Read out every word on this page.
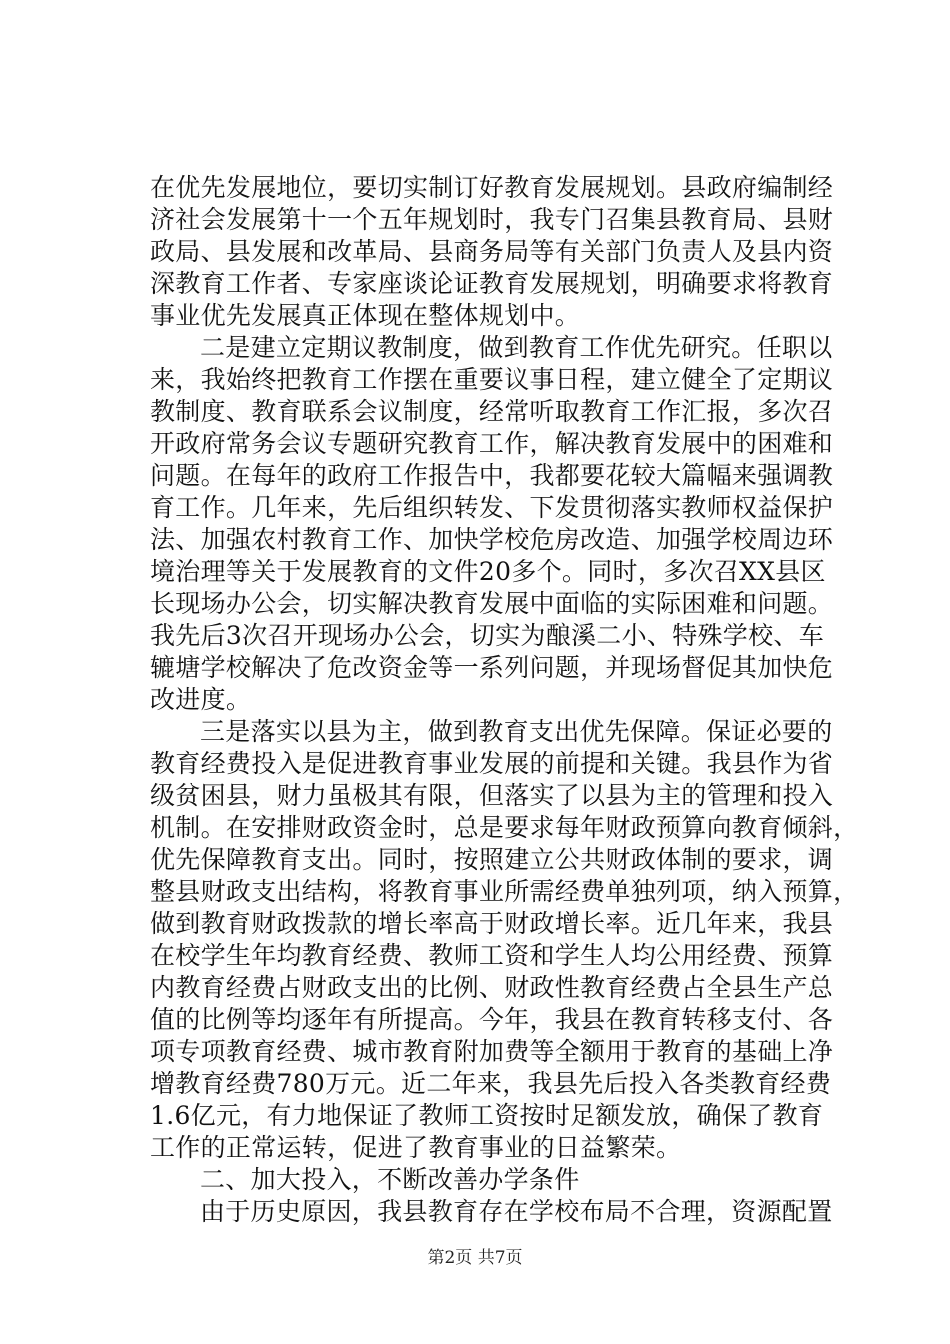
在优先发展地位，要切实制订好教育发展规划。县政府编制经
济社会发展第十一个五年规划时，我专门召集县教育局、县财
政局、县发展和改革局、县商务局等有关部门负责人及县内资
深教育工作者、专家座谈论证教育发展规划，明确要求将教育
事业优先发展真正体现在整体规划中。
二是建立定期议教制度，做到教育工作优先研究。任职以
来，我始终把教育工作摆在重要议事日程，建立健全了定期议
教制度、教育联系会议制度，经常听取教育工作汇报，多次召
开政府常务会议专题研究教育工作，解决教育发展中的困难和
问题。在每年的政府工作报告中，我都要花较大篇幅来强调教
育工作。几年来，先后组织转发、下发贯彻落实教师权益保护
法、加强农村教育工作、加快学校危房改造、加强学校周边环
境治理等关于发展教育的文件20多个。同时，多次召XX县区
长现场办公会，切实解决教育发展中面临的实际困难和问题。
我先后3次召开现场办公会，切实为酿溪二小、特殊学校、车
辘塘学校解决了危改资金等一系列问题，并现场督促其加快危
改进度。
三是落实以县为主，做到教育支出优先保障。保证必要的
教育经费投入是促进教育事业发展的前提和关键。我县作为省
级贫困县，财力虽极其有限，但落实了以县为主的管理和投入
机制。在安排财政资金时，总是要求每年财政预算向教育倾斜，
优先保障教育支出。同时，按照建立公共财政体制的要求，调
整县财政支出结构，将教育事业所需经费单独列项，纳入预算，
做到教育财政拨款的增长率高于财政增长率。近几年来，我县
在校学生年均教育经费、教师工资和学生人均公用经费、预算
内教育经费占财政支出的比例、财政性教育经费占全县生产总
值的比例等均逐年有所提高。今年，我县在教育转移支付、各
项专项教育经费、城市教育附加费等全额用于教育的基础上净
增教育经费780万元。近二年来，我县先后投入各类教育经费
1.6亿元，有力地保证了教师工资按时足额发放，确保了教育
工作的正常运转，促进了教育事业的日益繁荣。
二、加大投入，不断改善办学条件
由于历史原因，我县教育存在学校布局不合理，资源配置
第2页 共7页
